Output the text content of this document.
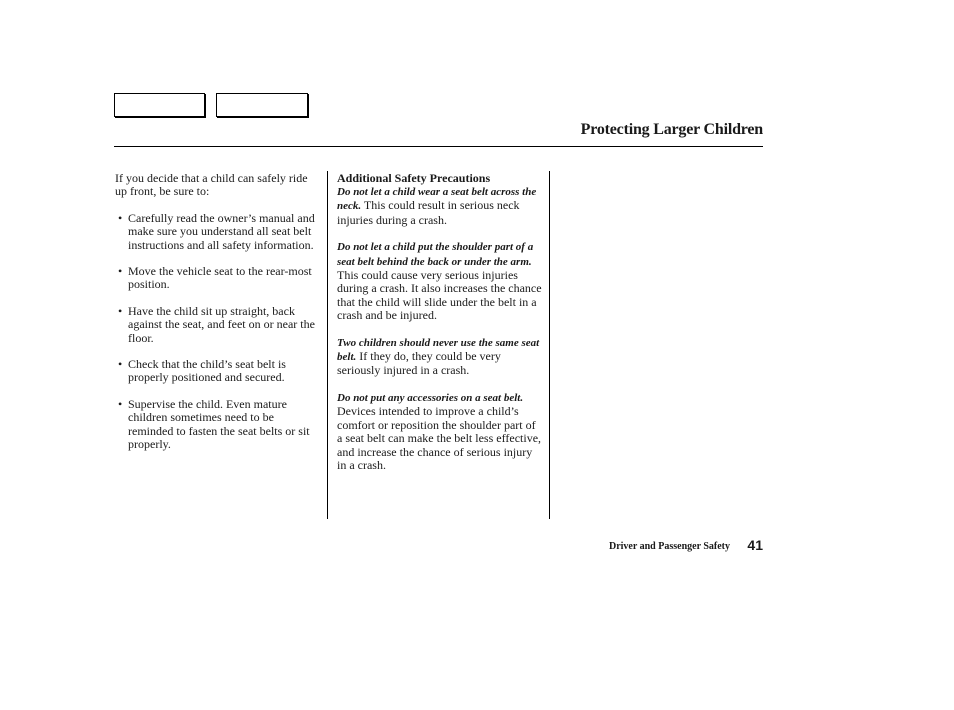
Protecting Larger Children

If you decide that a child can safely ride up front, be sure to:

• Carefully read the owner’s manual and make sure you understand all seat belt instructions and all safety information.
• Move the vehicle seat to the rear-most position.
• Have the child sit up straight, back against the seat, and feet on or near the floor.
• Check that the child’s seat belt is properly positioned and secured.
• Supervise the child. Even mature children sometimes need to be reminded to fasten the seat belts or sit properly.

Additional Safety Precautions

Do not let a child wear a seat belt across the neck. This could result in serious neck injuries during a crash.

Do not let a child put the shoulder part of a seat belt behind the back or under the arm. This could cause very serious injuries during a crash. It also increases the chance that the child will slide under the belt in a crash and be injured.

Two children should never use the same seat belt. If they do, they could be very seriously injured in a crash.

Do not put any accessories on a seat belt. Devices intended to improve a child’s comfort or reposition the shoulder part of a seat belt can make the belt less effective, and increase the chance of serious injury in a crash.

Driver and Passenger Safety 41
